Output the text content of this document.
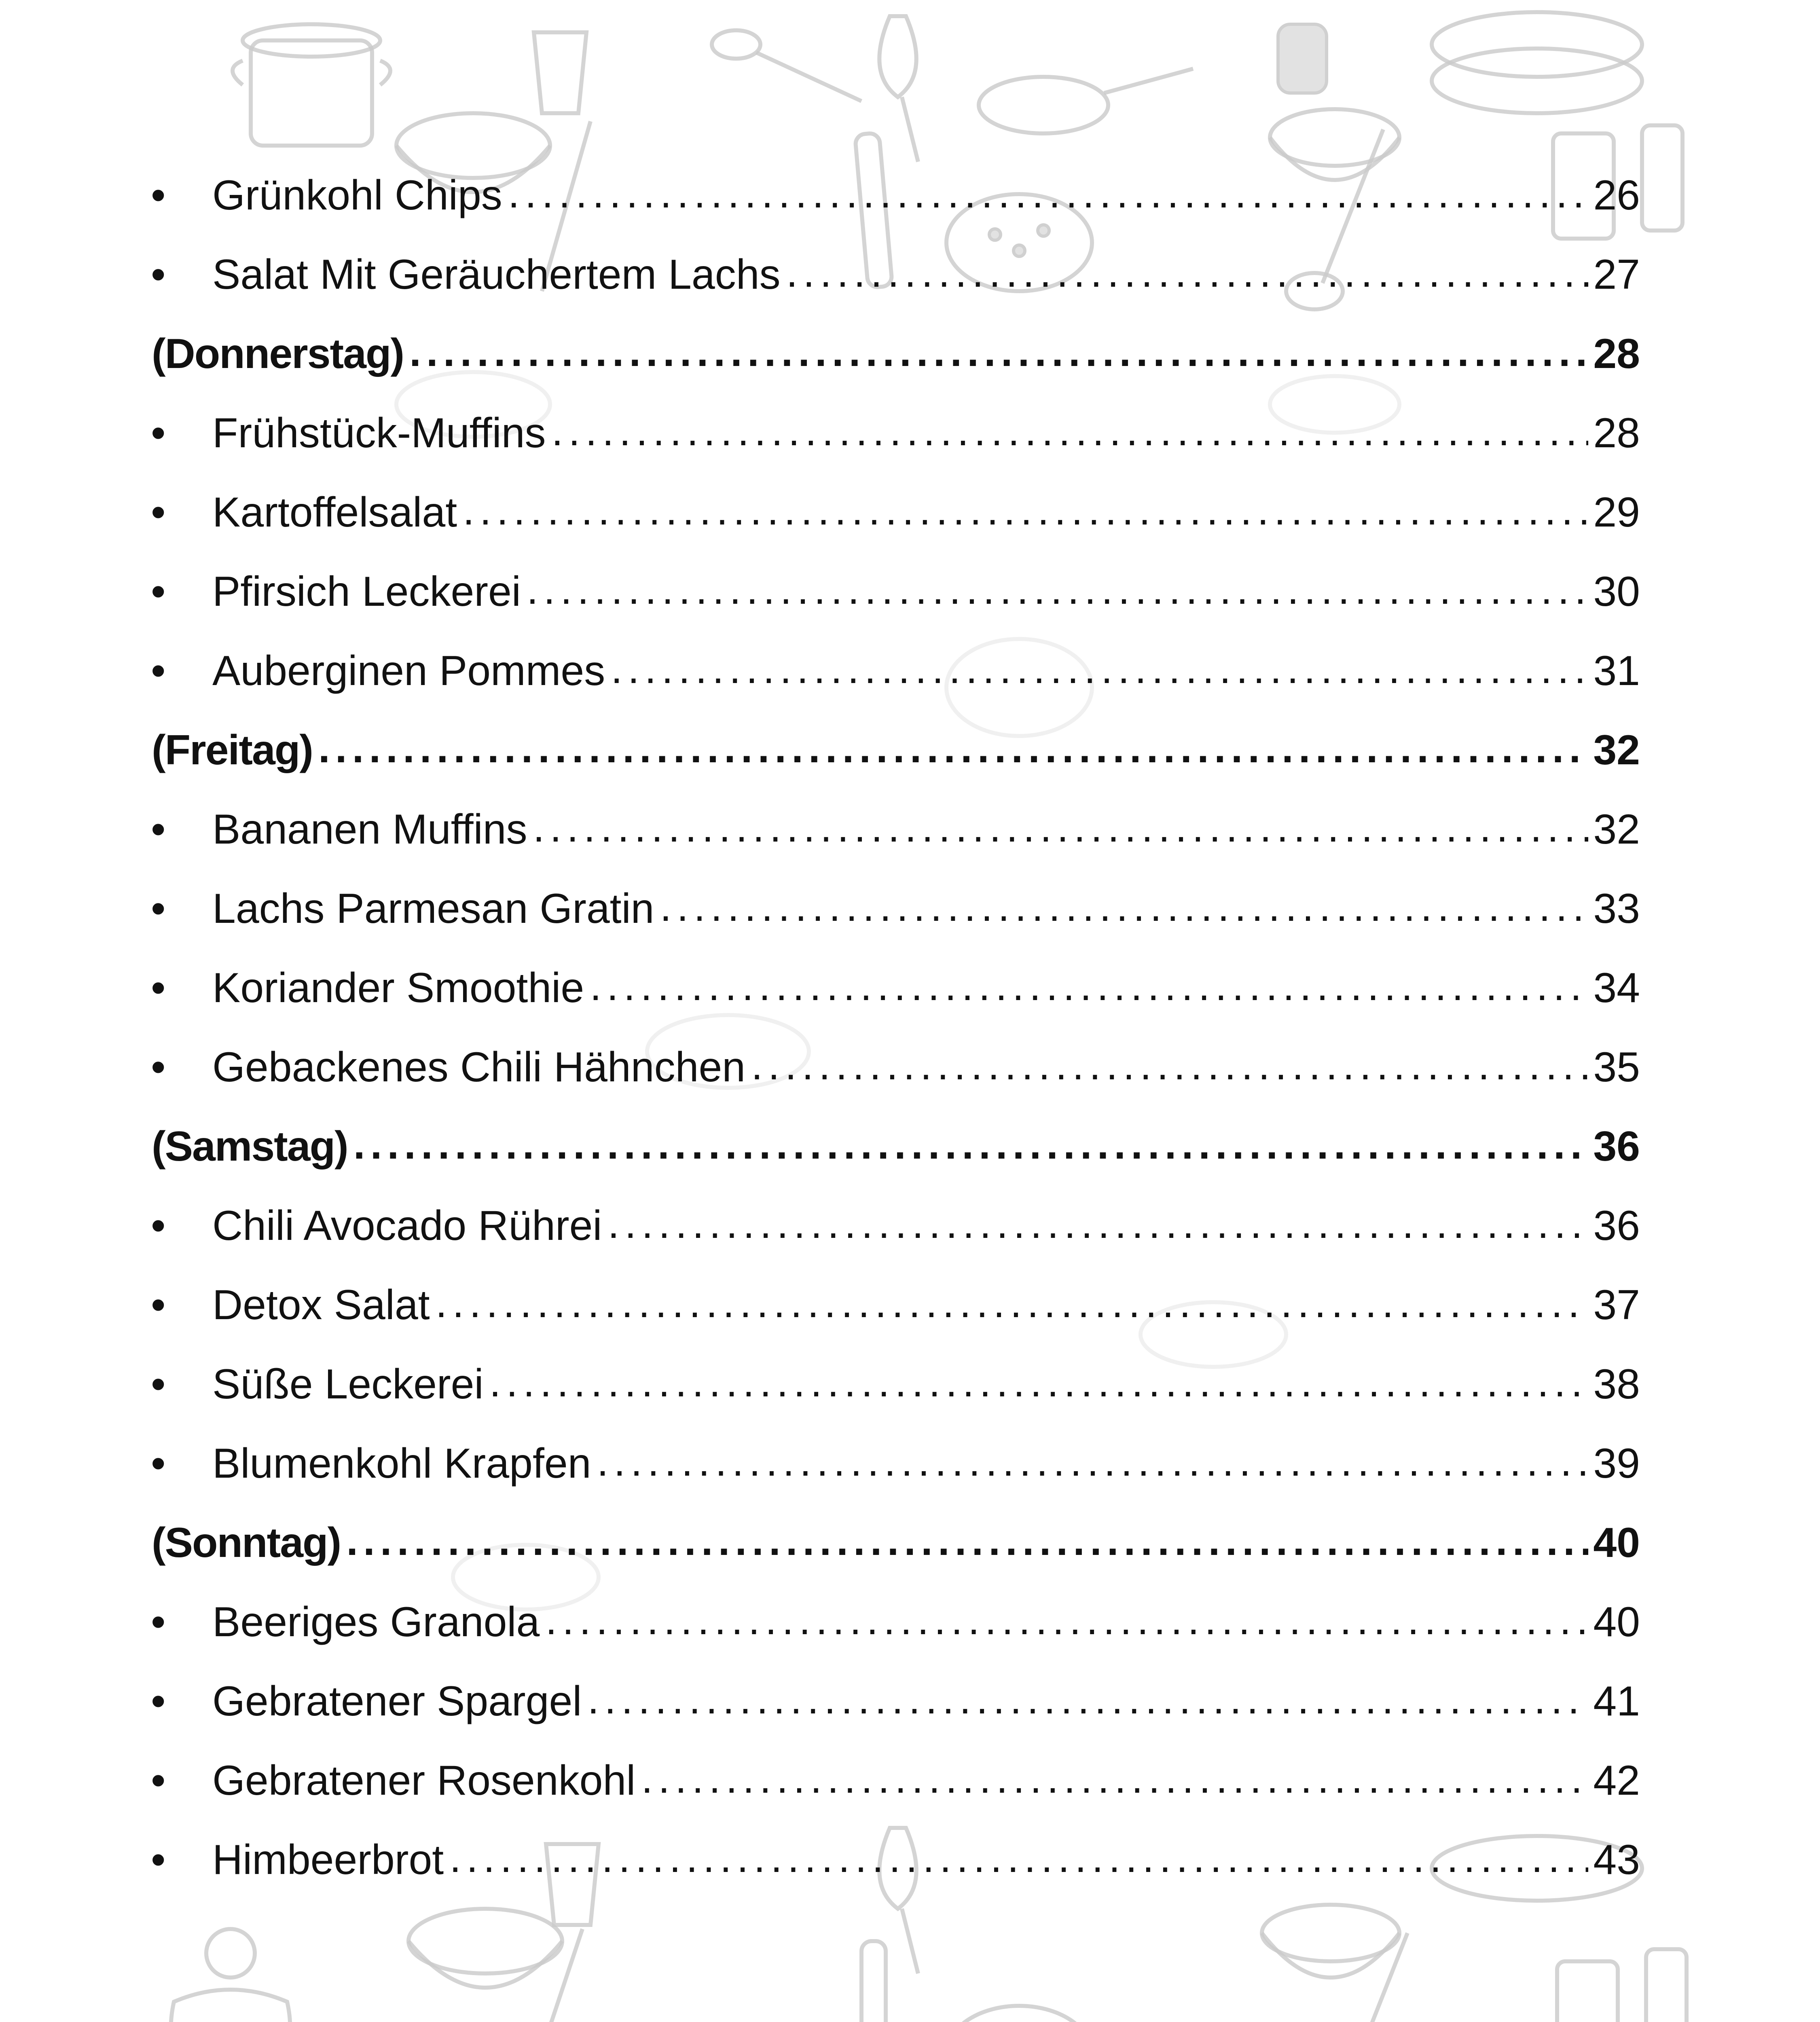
•	Grünkohl Chips . . .	26
•	Salat Mit Geräuchertem Lachs . . .	27
(Donnerstag) . . .	28
•	Frühstück-Muffins . . .	28
•	Kartoffelsalat . . .	29
•	Pfirsich Leckerei . . .	30
•	Auberginen Pommes . . .	31
(Freitag) . . .	32
•	Bananen Muffins . . .	32
•	Lachs Parmesan Gratin . . .	33
•	Koriander Smoothie . . .	34
•	Gebackenes Chili Hähnchen . . .	35
(Samstag) . . .	36
•	Chili Avocado Rührei . . .	36
•	Detox Salat . . .	37
•	Süße Leckerei . . .	38
•	Blumenkohl Krapfen . . .	39
(Sonntag) . . .	40
•	Beeriges Granola . . .	40
•	Gebratener Spargel . . .	41
•	Gebratener Rosenkohl . . .	42
•	Himbeerbrot . . .	43
